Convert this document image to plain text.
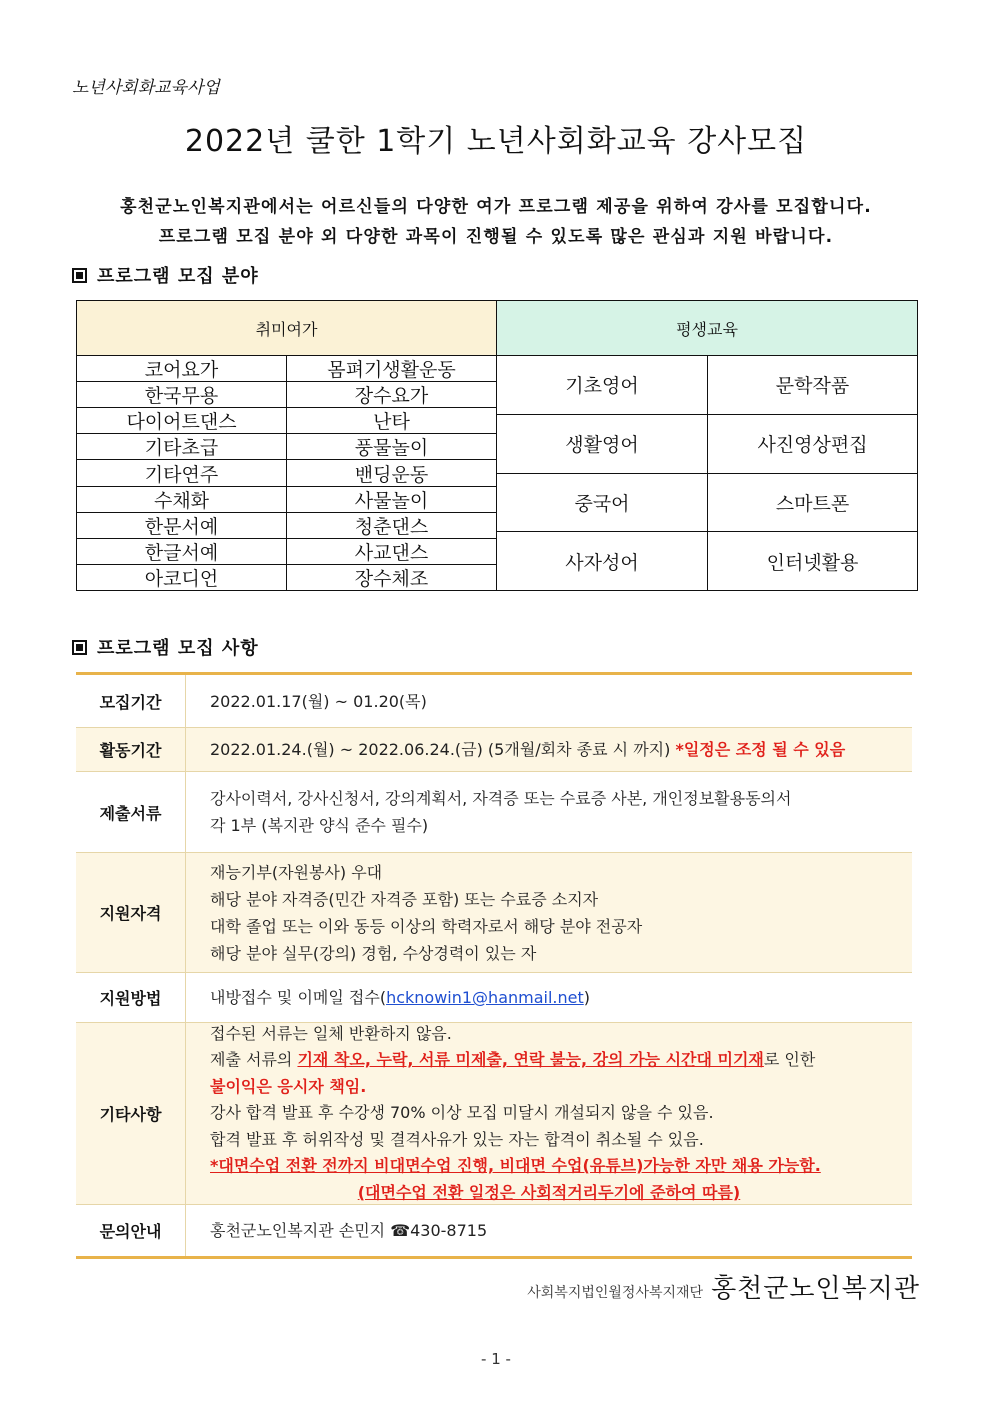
노년사회화교육사업
2022년 쿨한 1학기 노년사회화교육 강사모집
홍천군노인복지관에서는 어르신들의 다양한 여가 프로그램 제공을 위하여 강사를 모집합니다.
프로그램 모집 분야 외 다양한 과목이 진행될 수 있도록 많은 관심과 지원 바랍니다.
프로그램 모집 분야
취미여가	평생교육
코어요가	몸펴기생활운동
한국무용	장수요가
다이어트댄스	난타
기타초급	풍물놀이
기타연주	밴딩운동
수채화	사물놀이
한문서예	청춘댄스
한글서예	사교댄스
아코디언	장수체조
기초영어	문학작품
생활영어	사진영상편집
중국어	스마트폰
사자성어	인터넷활용
프로그램 모집 사항
모집기간	2022.01.17(월) ~ 01.20(목)
활동기간	2022.01.24.(월) ~ 2022.06.24.(금) (5개월/회차 종료 시 까지) *일정은 조정 될 수 있음
제출서류
강사이력서, 강사신청서, 강의계획서, 자격증 또는 수료증 사본, 개인정보활용동의서
각 1부 (복지관 양식 준수 필수)
지원자격
재능기부(자원봉사) 우대
해당 분야 자격증(민간 자격증 포함) 또는 수료증 소지자
대학 졸업 또는 이와 동등 이상의 학력자로서 해당 분야 전공자
해당 분야 실무(강의) 경험, 수상경력이 있는 자
지원방법	내방접수 및 이메일 접수(hcknowin1@hanmail.net)
기타사항
접수된 서류는 일체 반환하지 않음.
제출 서류의 기재 착오, 누락, 서류 미제출, 연락 불능, 강의 가능 시간대 미기재로 인한
불이익은 응시자 책임.
강사 합격 발표 후 수강생 70% 이상 모집 미달시 개설되지 않을 수 있음.
합격 발표 후 허위작성 및 결격사유가 있는 자는 합격이 취소될 수 있음.
*대면수업 전환 전까지 비대면수업 진행, 비대면 수업(유튜브)가능한 자만 채용 가능함.
(대면수업 전환 일정은 사회적거리두기에 준하여 따름)
문의안내	홍천군노인복지관 손민지 ☎430-8715
사회복지법인월정사복지재단 홍천군노인복지관
- 1 -
